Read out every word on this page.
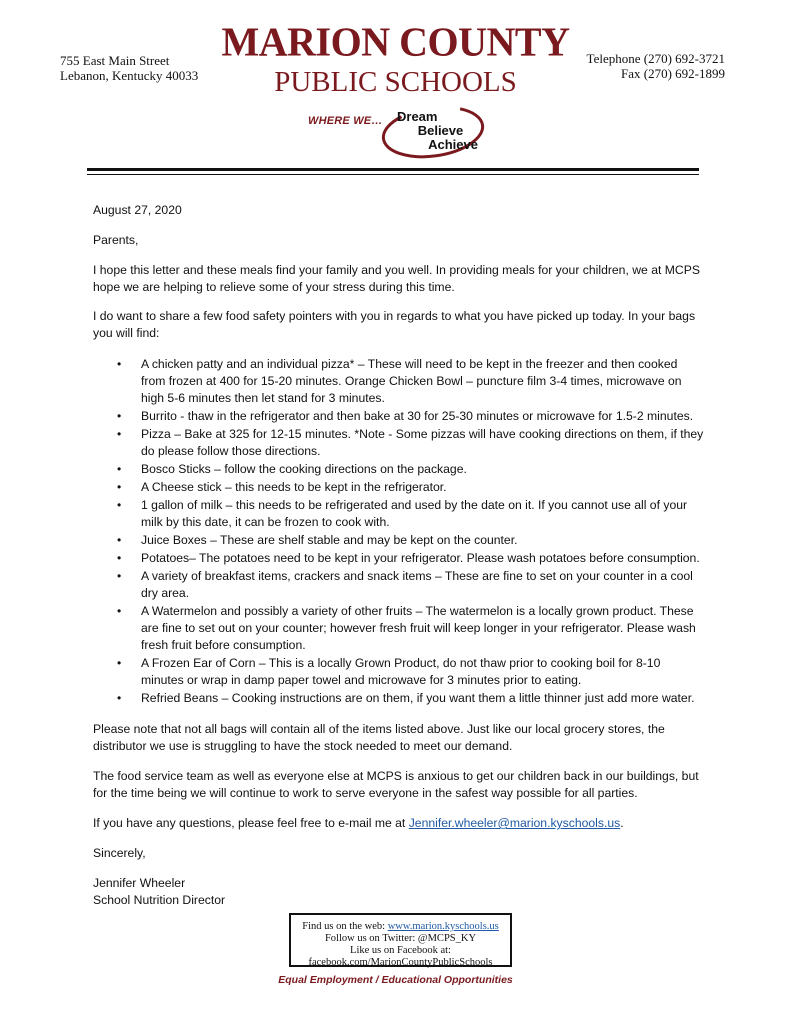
755 East Main Street
Lebanon, Kentucky 40033
MARION COUNTY
PUBLIC SCHOOLS
WHERE WE… Dream
Believe
Achieve
Telephone (270) 692-3721
Fax (270) 692-1899

August 27, 2020

Parents,

I hope this letter and these meals find your family and you well. In providing meals for your children, we at MCPS hope we are helping to relieve some of your stress during this time.

I do want to share a few food safety pointers with you in regards to what you have picked up today. In your bags you will find:

• A chicken patty and an individual pizza* – These will need to be kept in the freezer and then cooked from frozen at 400 for 15-20 minutes. Orange Chicken Bowl – puncture film 3-4 times, microwave on high 5-6 minutes then let stand for 3 minutes.
• Burrito - thaw in the refrigerator and then bake at 30 for 25-30 minutes or microwave for 1.5-2 minutes.
• Pizza – Bake at 325 for 12-15 minutes. *Note - Some pizzas will have cooking directions on them, if they do please follow those directions.
• Bosco Sticks – follow the cooking directions on the package.
• A Cheese stick – this needs to be kept in the refrigerator.
• 1 gallon of milk – this needs to be refrigerated and used by the date on it. If you cannot use all of your milk by this date, it can be frozen to cook with.
• Juice Boxes – These are shelf stable and may be kept on the counter.
• Potatoes– The potatoes need to be kept in your refrigerator. Please wash potatoes before consumption.
• A variety of breakfast items, crackers and snack items – These are fine to set on your counter in a cool dry area.
• A Watermelon and possibly a variety of other fruits – The watermelon is a locally grown product. These are fine to set out on your counter; however fresh fruit will keep longer in your refrigerator. Please wash fresh fruit before consumption.
• A Frozen Ear of Corn – This is a locally Grown Product, do not thaw prior to cooking boil for 8-10 minutes or wrap in damp paper towel and microwave for 3 minutes prior to eating.
• Refried Beans – Cooking instructions are on them, if you want them a little thinner just add more water.

Please note that not all bags will contain all of the items listed above. Just like our local grocery stores, the distributor we use is struggling to have the stock needed to meet our demand.

The food service team as well as everyone else at MCPS is anxious to get our children back in our buildings, but for the time being we will continue to work to serve everyone in the safest way possible for all parties.

If you have any questions, please feel free to e-mail me at Jennifer.wheeler@marion.kyschools.us.

Sincerely,

Jennifer Wheeler

School Nutrition Director

Find us on the web: www.marion.kyschools.us
Follow us on Twitter: @MCPS_KY
Like us on Facebook at:
facebook.com/MarionCountyPublicSchools
Equal Employment / Educational Opportunities
